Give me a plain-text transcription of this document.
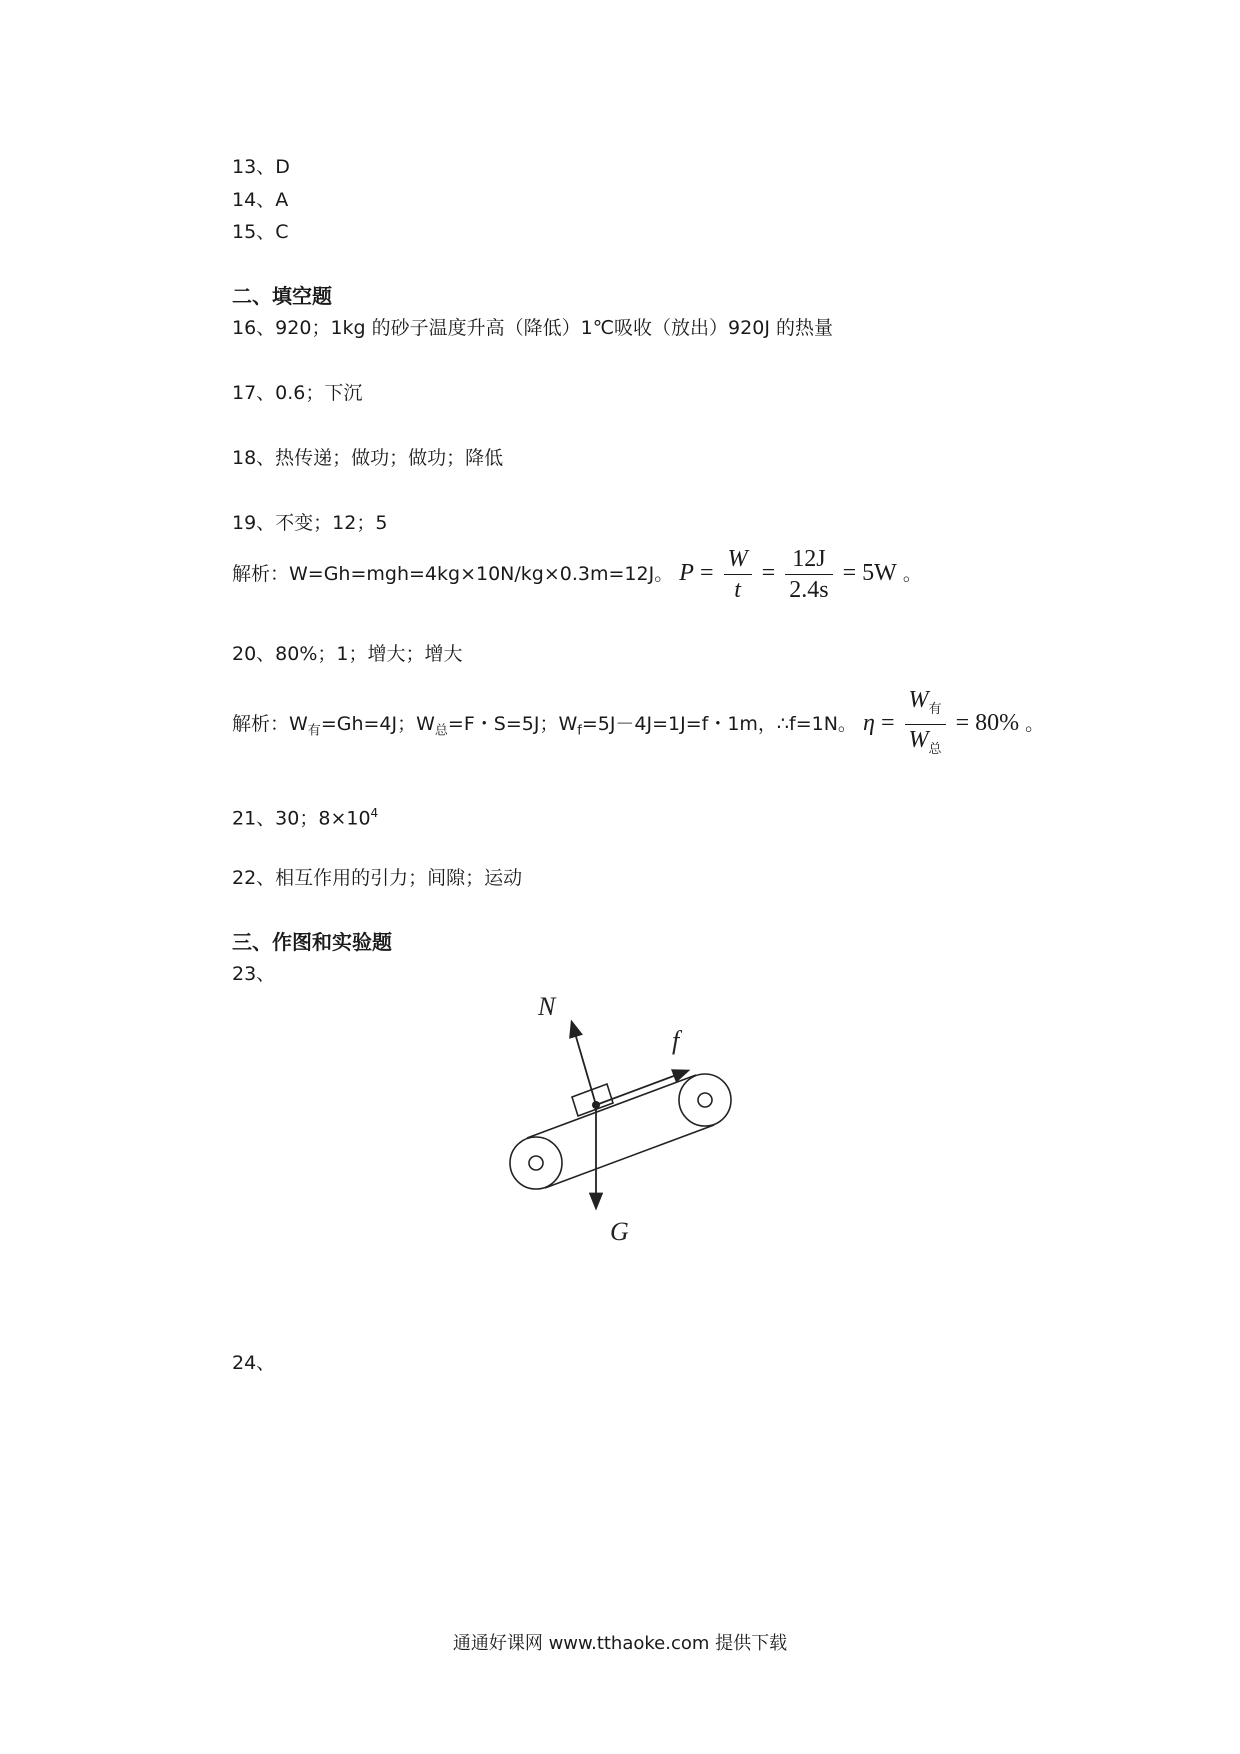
13、D
14、A
15、C
二、填空题
16、920；1kg 的砂子温度升高（降低）1℃吸收（放出）920J 的热量
17、0.6；下沉
18、热传递；做功；做功；降低
19、不变；12；5
解析：W=Gh=mgh=4kg×10N/kg×0.3m=12J。 $P = \frac{W}{t} = \frac{12J}{2.4s} = 5W$ 。
20、80%；1；增大；增大
解析：$W_有=Gh=4J$；$W_总=F$・S=5J；$W_f=5J-4J=1J=f$・1m，∴f=1N。 $\eta = \frac{W_有}{W_总} = 80\%$ 。
21、30；$8\times 10^4$
22、相互作用的引力；间隙；运动
三、作图和实验题
23、
N
f
G
24、
通通好课网 www.tthaoke.com 提供下载
